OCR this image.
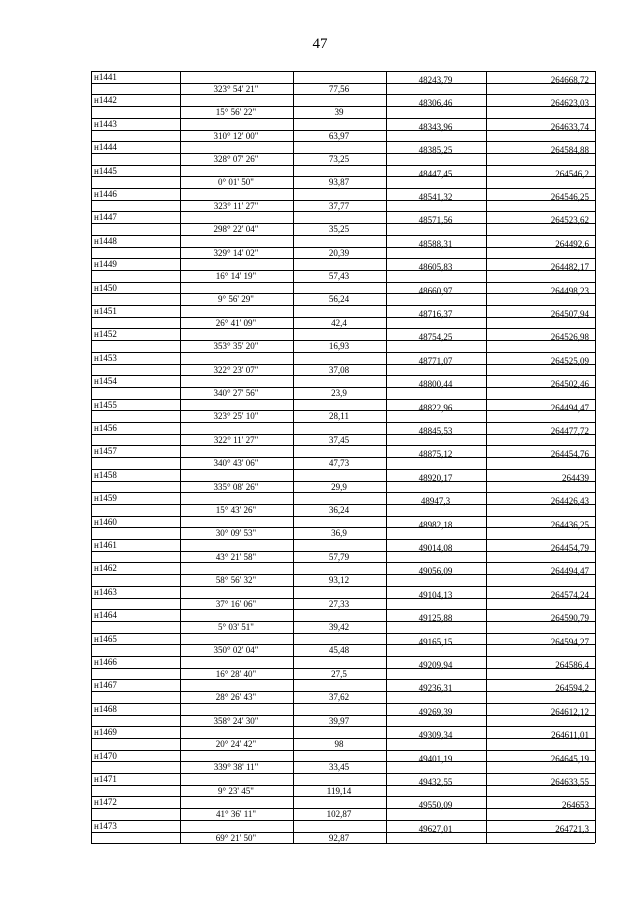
47
н1441	48243,79	264668,72
323° 54' 21"	77,56
н1442	48306,46	264623,03
15° 56' 22"	39
н1443	48343,96	264633,74
310° 12' 00"	63,97
н1444	48385,25	264584,88
328° 07' 26"	73,25
н1445	48447,45	264546,2
0° 01' 50"	93,87
н1446	48541,32	264546,25
323° 11' 27"	37,77
н1447	48571,56	264523,62
298° 22' 04"	35,25
н1448	48588,31	264492,6
329° 14' 02"	20,39
н1449	48605,83	264482,17
16° 14' 19"	57,43
н1450	48660,97	264498,23
9° 56' 29"	56,24
н1451	48716,37	264507,94
26° 41' 09"	42,4
н1452	48754,25	264526,98
353° 35' 20"	16,93
н1453	48771,07	264525,09
322° 23' 07"	37,08
н1454	48800,44	264502,46
340° 27' 56"	23,9
н1455	48822,96	264494,47
323° 25' 10"	28,11
н1456	48845,53	264477,72
322° 11' 27"	37,45
н1457	48875,12	264454,76
340° 43' 06"	47,73
н1458	48920,17	264439
335° 08' 26"	29,9
н1459	48947,3	264426,43
15° 43' 26"	36,24
н1460	48982,18	264436,25
30° 09' 53"	36,9
н1461	49014,08	264454,79
43° 21' 58"	57,79
н1462	49056,09	264494,47
58° 56' 32"	93,12
н1463	49104,13	264574,24
37° 16' 06"	27,33
н1464	49125,88	264590,79
5° 03' 51"	39,42
н1465	49165,15	264594,27
350° 02' 04"	45,48
н1466	49209,94	264586,4
16° 28' 40"	27,5
н1467	49236,31	264594,2
28° 26' 43"	37,62
н1468	49269,39	264612,12
358° 24' 30"	39,97
н1469	49309,34	264611,01
20° 24' 42"	98
н1470	49401,19	264645,19
339° 38' 11"	33,45
н1471	49432,55	264633,55
9° 23' 45"	119,14
н1472	49550,09	264653
41° 36' 11"	102,87
н1473	49627,01	264721,3
69° 21' 50"	92,87
